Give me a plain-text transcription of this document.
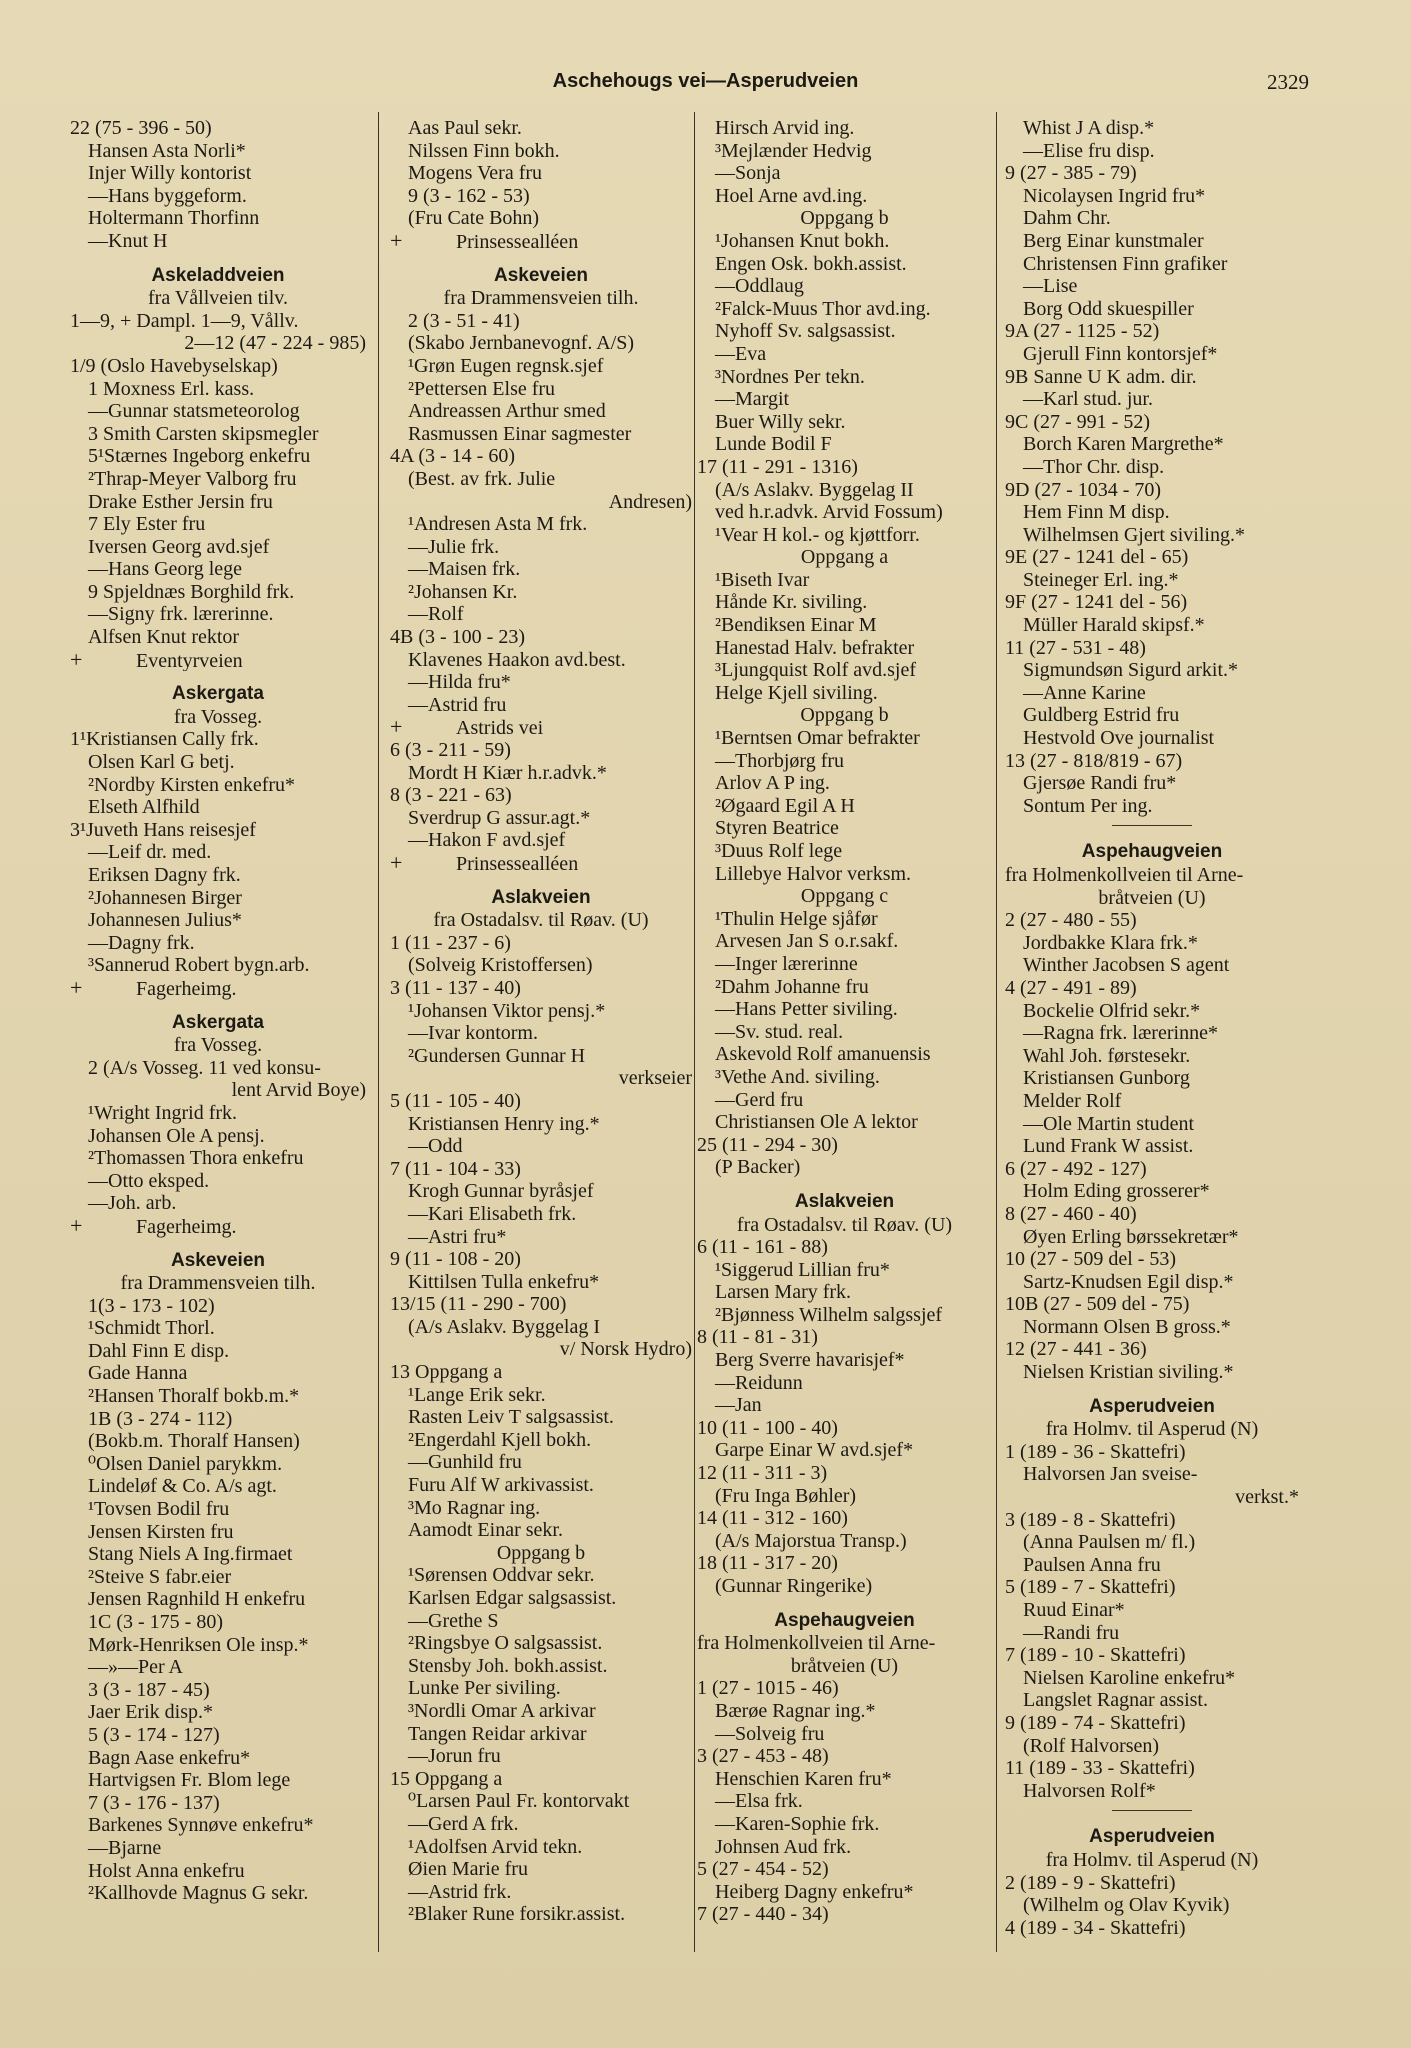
Aschehougs vei—Asperudveien	2329
22 (75 - 396 - 50)
Hansen Asta Norli*
Injer Willy kontorist
—Hans byggeform.
Holtermann Thorfinn
—Knut H
Askeladdveien
fra Vållveien tilv.
1—9, + Dampl. 1—9, Vållv.
2—12 (47 - 224 - 985)
1/9 (Oslo Havebyselskap)
1 Moxness Erl. kass.
—Gunnar statsmeteorolog
3 Smith Carsten skipsmegler
5¹Stærnes Ingeborg enkefru
²Thrap-Meyer Valborg fru
Drake Esther Jersin fru
7 Ely Ester fru
Iversen Georg avd.sjef
—Hans Georg lege
9 Spjeldnæs Borghild frk.
—Signy frk. lærerinne.
Alfsen Knut rektor
+	Eventyrveien
Askergata
fra Vosseg.
1¹Kristiansen Cally frk.
Olsen Karl G betj.
²Nordby Kirsten enkefru*
Elseth Alfhild
3¹Juveth Hans reisesjef
—Leif dr. med.
Eriksen Dagny frk.
²Johannesen Birger
Johannesen Julius*
—Dagny frk.
³Sannerud Robert bygn.arb.
+	Fagerheimg.
Askergata
fra Vosseg.
2 (A/s Vosseg. 11 ved konsu-
lent Arvid Boye)
¹Wright Ingrid frk.
Johansen Ole A pensj.
²Thomassen Thora enkefru
—Otto eksped.
—Joh. arb.
+	Fagerheimg.
Askeveien
fra Drammensveien tilh.
1(3 - 173 - 102)
¹Schmidt Thorl.
Dahl Finn E disp.
Gade Hanna
²Hansen Thoralf bokb.m.*
1B (3 - 274 - 112)
(Bokb.m. Thoralf Hansen)
⁰Olsen Daniel parykkm.
Lindeløf & Co. A/s agt.
¹Tovsen Bodil fru
Jensen Kirsten fru
Stang Niels A Ing.firmaet
²Steive S fabr.eier
Jensen Ragnhild H enkefru
1C (3 - 175 - 80)
Mørk-Henriksen Ole insp.*
—»—Per A
3 (3 - 187 - 45)
Jaer Erik disp.*
5 (3 - 174 - 127)
Bagn Aase enkefru*
Hartvigsen Fr. Blom lege
7 (3 - 176 - 137)
Barkenes Synnøve enkefru*
—Bjarne
Holst Anna enkefru
²Kallhovde Magnus G sekr.
Aas Paul sekr.
Nilssen Finn bokh.
Mogens Vera fru
9 (3 - 162 - 53)
(Fru Cate Bohn)
+	Prinsessealléen
Askeveien
fra Drammensveien tilh.
2 (3 - 51 - 41)
(Skabo Jernbanevognf. A/S)
¹Grøn Eugen regnsk.sjef
²Pettersen Else fru
Andreassen Arthur smed
Rasmussen Einar sagmester
4A (3 - 14 - 60)
(Best. av frk. Julie
Andresen)
¹Andresen Asta M frk.
—Julie frk.
—Maisen frk.
²Johansen Kr.
—Rolf
4B (3 - 100 - 23)
Klavenes Haakon avd.best.
—Hilda fru*
—Astrid fru
+	Astrids vei
6 (3 - 211 - 59)
Mordt H Kiær h.r.advk.*
8 (3 - 221 - 63)
Sverdrup G assur.agt.*
—Hakon F avd.sjef
+	Prinsessealléen
Aslakveien
fra Ostadalsv. til Røav. (U)
1 (11 - 237 - 6)
(Solveig Kristoffersen)
3 (11 - 137 - 40)
¹Johansen Viktor pensj.*
—Ivar kontorm.
²Gundersen Gunnar H
verkseier
5 (11 - 105 - 40)
Kristiansen Henry ing.*
—Odd
7 (11 - 104 - 33)
Krogh Gunnar byråsjef
—Kari Elisabeth frk.
—Astri fru*
9 (11 - 108 - 20)
Kittilsen Tulla enkefru*
13/15 (11 - 290 - 700)
(A/s Aslakv. Byggelag I
v/ Norsk Hydro)
13 Oppgang a
¹Lange Erik sekr.
Rasten Leiv T salgsassist.
²Engerdahl Kjell bokh.
—Gunhild fru
Furu Alf W arkivassist.
³Mo Ragnar ing.
Aamodt Einar sekr.
Oppgang b
¹Sørensen Oddvar sekr.
Karlsen Edgar salgsassist.
—Grethe S
²Ringsbye O salgsassist.
Stensby Joh. bokh.assist.
Lunke Per siviling.
³Nordli Omar A arkivar
Tangen Reidar arkivar
—Jorun fru
15 Oppgang a
⁰Larsen Paul Fr. kontorvakt
—Gerd A frk.
¹Adolfsen Arvid tekn.
Øien Marie fru
—Astrid frk.
²Blaker Rune forsikr.assist.
Hirsch Arvid ing.
³Mejlænder Hedvig
—Sonja
Hoel Arne avd.ing.
Oppgang b
¹Johansen Knut bokh.
Engen Osk. bokh.assist.
—Oddlaug
²Falck-Muus Thor avd.ing.
Nyhoff Sv. salgsassist.
—Eva
³Nordnes Per tekn.
—Margit
Buer Willy sekr.
Lunde Bodil F
17 (11 - 291 - 1316)
(A/s Aslakv. Byggelag II
ved h.r.advk. Arvid Fossum)
¹Vear H kol.- og kjøttforr.
Oppgang a
¹Biseth Ivar
Hånde Kr. siviling.
²Bendiksen Einar M
Hanestad Halv. befrakter
³Ljungquist Rolf avd.sjef
Helge Kjell siviling.
Oppgang b
¹Berntsen Omar befrakter
—Thorbjørg fru
Arlov A P ing.
²Øgaard Egil A H
Styren Beatrice
³Duus Rolf lege
Lillebye Halvor verksm.
Oppgang c
¹Thulin Helge sjåfør
Arvesen Jan S o.r.sakf.
—Inger lærerinne
²Dahm Johanne fru
—Hans Petter siviling.
—Sv. stud. real.
Askevold Rolf amanuensis
³Vethe And. siviling.
—Gerd fru
Christiansen Ole A lektor
25 (11 - 294 - 30)
(P Backer)
Aslakveien
fra Ostadalsv. til Røav. (U)
6 (11 - 161 - 88)
¹Siggerud Lillian fru*
Larsen Mary frk.
²Bjønness Wilhelm salgssjef
8 (11 - 81 - 31)
Berg Sverre havarisjef*
—Reidunn
—Jan
10 (11 - 100 - 40)
Garpe Einar W avd.sjef*
12 (11 - 311 - 3)
(Fru Inga Bøhler)
14 (11 - 312 - 160)
(A/s Majorstua Transp.)
18 (11 - 317 - 20)
(Gunnar Ringerike)
Aspehaugveien
fra Holmenkollveien til Arne-
bråtveien (U)
1 (27 - 1015 - 46)
Bærøe Ragnar ing.*
—Solveig fru
3 (27 - 453 - 48)
Henschien Karen fru*
—Elsa frk.
—Karen-Sophie frk.
Johnsen Aud frk.
5 (27 - 454 - 52)
Heiberg Dagny enkefru*
7 (27 - 440 - 34)
Whist J A disp.*
—Elise fru disp.
9 (27 - 385 - 79)
Nicolaysen Ingrid fru*
Dahm Chr.
Berg Einar kunstmaler
Christensen Finn grafiker
—Lise
Borg Odd skuespiller
9A (27 - 1125 - 52)
Gjerull Finn kontorsjef*
9B Sanne U K adm. dir.
—Karl stud. jur.
9C (27 - 991 - 52)
Borch Karen Margrethe*
—Thor Chr. disp.
9D (27 - 1034 - 70)
Hem Finn M disp.
Wilhelmsen Gjert siviling.*
9E (27 - 1241 del - 65)
Steineger Erl. ing.*
9F (27 - 1241 del - 56)
Müller Harald skipsf.*
11 (27 - 531 - 48)
Sigmundsøn Sigurd arkit.*
—Anne Karine
Guldberg Estrid fru
Hestvold Ove journalist
13 (27 - 818/819 - 67)
Gjersøe Randi fru*
Sontum Per ing.
Aspehaugveien
fra Holmenkollveien til Arne-
bråtveien (U)
2 (27 - 480 - 55)
Jordbakke Klara frk.*
Winther Jacobsen S agent
4 (27 - 491 - 89)
Bockelie Olfrid sekr.*
—Ragna frk. lærerinne*
Wahl Joh. førstesekr.
Kristiansen Gunborg
Melder Rolf
—Ole Martin student
Lund Frank W assist.
6 (27 - 492 - 127)
Holm Eding grosserer*
8 (27 - 460 - 40)
Øyen Erling børssekretær*
10 (27 - 509 del - 53)
Sartz-Knudsen Egil disp.*
10B (27 - 509 del - 75)
Normann Olsen B gross.*
12 (27 - 441 - 36)
Nielsen Kristian siviling.*
Asperudveien
fra Holmv. til Asperud (N)
1 (189 - 36 - Skattefri)
Halvorsen Jan sveise-
verkst.*
3 (189 - 8 - Skattefri)
(Anna Paulsen m/ fl.)
Paulsen Anna fru
5 (189 - 7 - Skattefri)
Ruud Einar*
—Randi fru
7 (189 - 10 - Skattefri)
Nielsen Karoline enkefru*
Langslet Ragnar assist.
9 (189 - 74 - Skattefri)
(Rolf Halvorsen)
11 (189 - 33 - Skattefri)
Halvorsen Rolf*
Asperudveien
fra Holmv. til Asperud (N)
2 (189 - 9 - Skattefri)
(Wilhelm og Olav Kyvik)
4 (189 - 34 - Skattefri)
